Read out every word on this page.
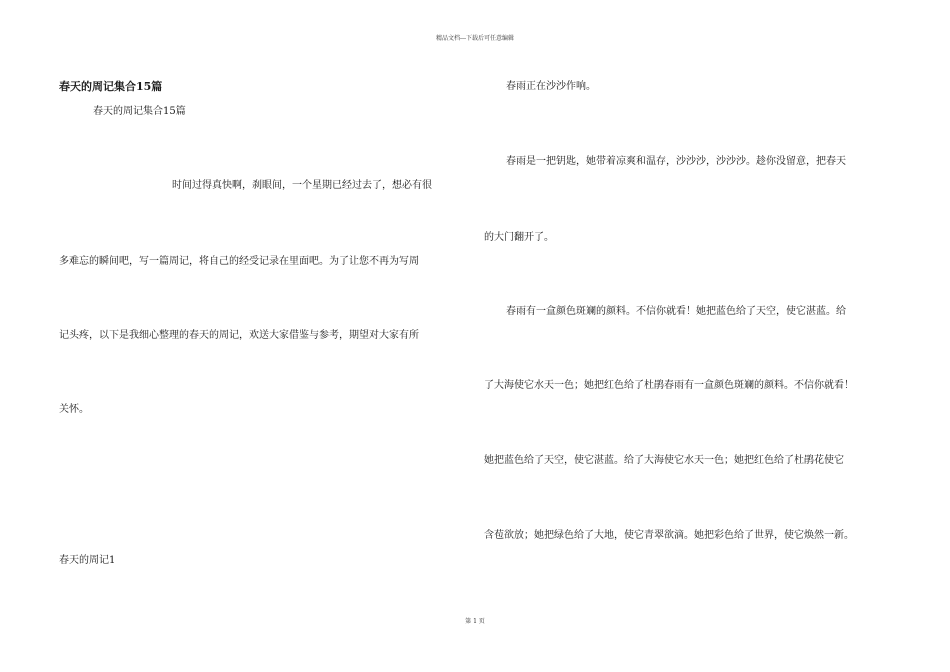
精品文档---下载后可任意编辑
春天的周记集合15篇
春天的周记集合15篇
时间过得真快啊，刹眼间，一个星期已经过去了，想必有很
多难忘的瞬间吧，写一篇周记，将自己的经受记录在里面吧。为了让您不再为写周
记头疼，以下是我细心整理的春天的周记，欢送大家借鉴与参考，期望对大家有所
关怀。
春天的周记1
春雨正在沙沙作响。
春雨是一把钥匙，她带着凉爽和温存，沙沙沙，沙沙沙。趁你没留意，把春天
的大门翻开了。
春雨有一盒颜色斑斓的颜料。不信你就看！她把蓝色给了天空，使它湛蓝。给
了大海使它水天一色；她把红色给了杜鹃春雨有一盒颜色斑斓的颜料。不信你就看！
她把蓝色给了天空，使它湛蓝。给了大海使它水天一色；她把红色给了杜鹃花使它
含苞欲放；她把绿色给了大地，使它青翠欲滴。她把彩色给了世界，使它焕然一新。
第 1 页
